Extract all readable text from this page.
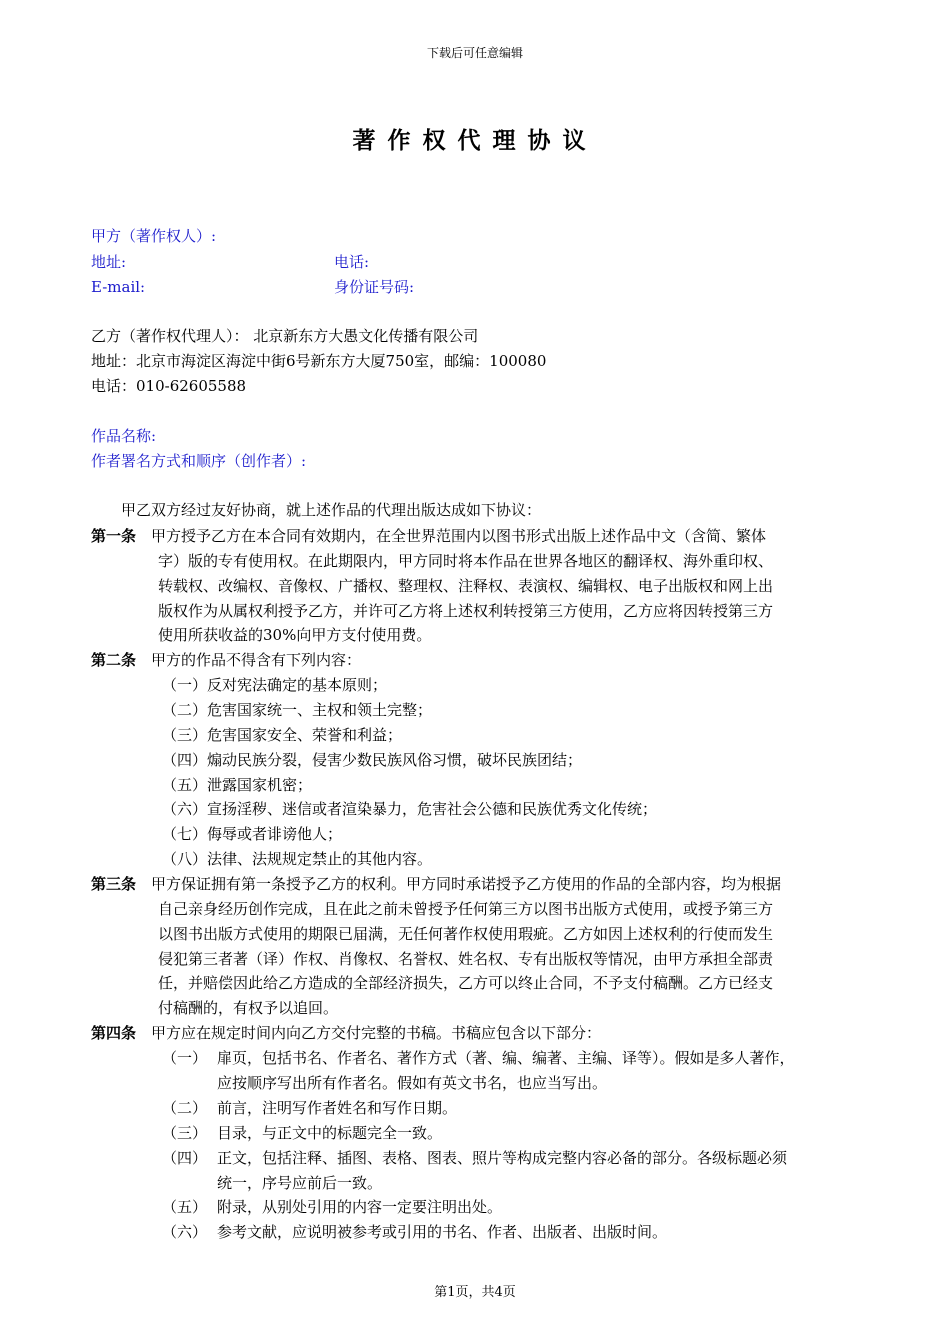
下载后可任意编辑
著作权代理协议
甲方（著作权人）:
地址:	电话:
E-mail:	身份证号码:
乙方（著作权代理人）： 北京新东方大愚文化传播有限公司
地址：北京市海淀区海淀中街6号新东方大厦750室，邮编：100080
电话：010-62605588
作品名称:
作者署名方式和顺序（创作者）:
甲乙双方经过友好协商，就上述作品的代理出版达成如下协议：
第一条 甲方授予乙方在本合同有效期内，在全世界范围内以图书形式出版上述作品中文（含简、繁体
字）版的专有使用权。在此期限内，甲方同时将本作品在世界各地区的翻译权、海外重印权、
转载权、改编权、音像权、广播权、整理权、注释权、表演权、编辑权、电子出版权和网上出
版权作为从属权利授予乙方，并许可乙方将上述权利转授第三方使用，乙方应将因转授第三方
使用所获收益的30%向甲方支付使用费。
第二条 甲方的作品不得含有下列内容：
（一）反对宪法确定的基本原则；
（二）危害国家统一、主权和领土完整；
（三）危害国家安全、荣誉和利益；
（四）煽动民族分裂，侵害少数民族风俗习惯，破坏民族团结；
（五）泄露国家机密；
（六）宣扬淫秽、迷信或者渲染暴力，危害社会公德和民族优秀文化传统；
（七）侮辱或者诽谤他人；
（八）法律、法规规定禁止的其他内容。
第三条 甲方保证拥有第一条授予乙方的权利。甲方同时承诺授予乙方使用的作品的全部内容，均为根据
自己亲身经历创作完成，且在此之前未曾授予任何第三方以图书出版方式使用，或授予第三方
以图书出版方式使用的期限已届满，无任何著作权使用瑕疵。乙方如因上述权利的行使而发生
侵犯第三者著（译）作权、肖像权、名誉权、姓名权、专有出版权等情况，由甲方承担全部责
任，并赔偿因此给乙方造成的全部经济损失，乙方可以终止合同，不予支付稿酬。乙方已经支
付稿酬的，有权予以追回。
第四条 甲方应在规定时间内向乙方交付完整的书稿。书稿应包含以下部分：
（一） 扉页，包括书名、作者名、著作方式（著、编、编著、主编、译等）。假如是多人著作，
应按顺序写出所有作者名。假如有英文书名，也应当写出。
（二） 前言，注明写作者姓名和写作日期。
（三） 目录，与正文中的标题完全一致。
（四） 正文，包括注释、插图、表格、图表、照片等构成完整内容必备的部分。各级标题必须
统一，序号应前后一致。
（五） 附录，从别处引用的内容一定要注明出处。
（六） 参考文献，应说明被参考或引用的书名、作者、出版者、出版时间。
第1页，共4页
